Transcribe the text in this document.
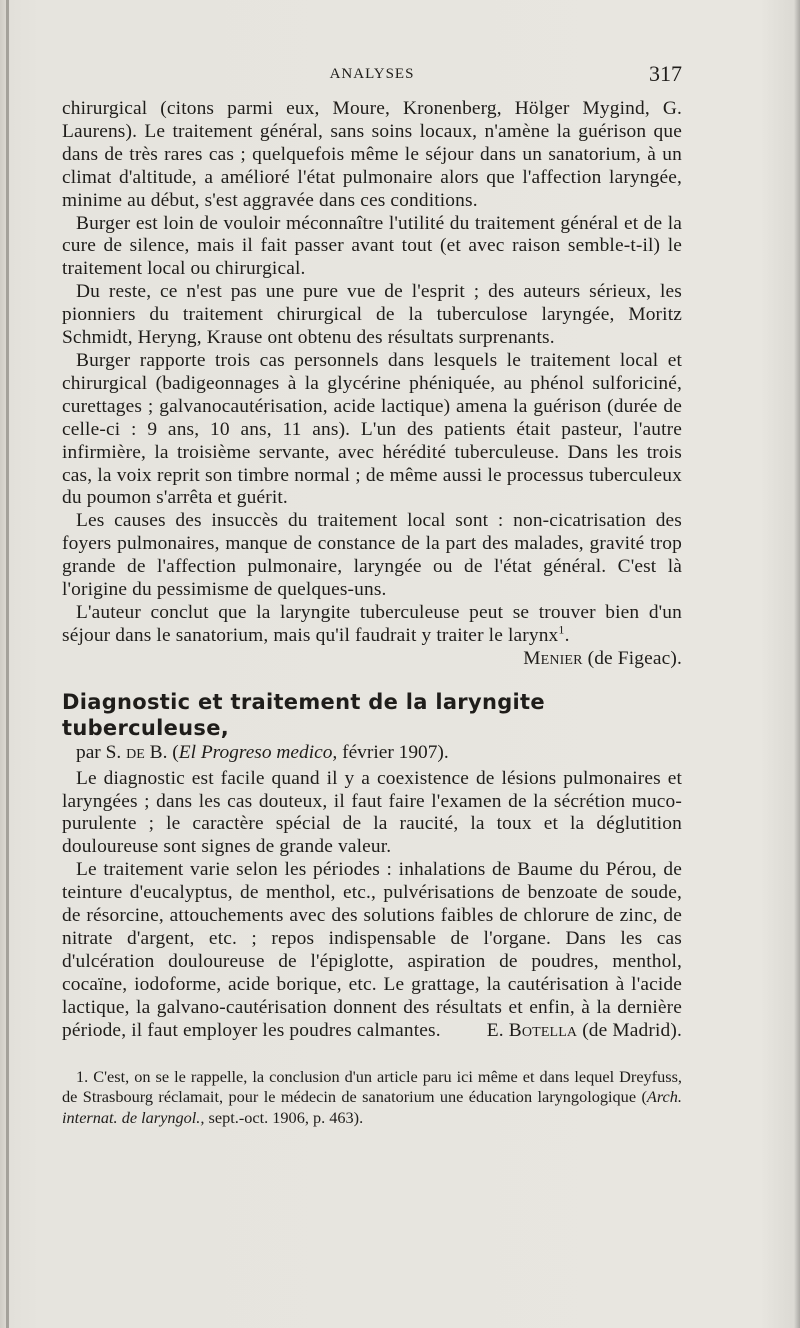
ANALYSES	317

chirurgical (citons parmi eux, Moure, Kronenberg, Hölger Mygind, G. Laurens). Le traitement général, sans soins locaux, n'amène la guérison que dans de très rares cas ; quelquefois même le séjour dans un sanatorium, à un climat d'altitude, a amélioré l'état pulmonaire alors que l'affection laryngée, minime au début, s'est aggravée dans ces conditions.

Burger est loin de vouloir méconnaître l'utilité du traitement général et de la cure de silence, mais il fait passer avant tout (et avec raison semble-t-il) le traitement local ou chirurgical.

Du reste, ce n'est pas une pure vue de l'esprit ; des auteurs sérieux, les pionniers du traitement chirurgical de la tuberculose laryngée, Moritz Schmidt, Heryng, Krause ont obtenu des résultats surprenants.

Burger rapporte trois cas personnels dans lesquels le traitement local et chirurgical (badigeonnages à la glycérine phéniquée, au phénol sulforiciné, curettages ; galvanocautérisation, acide lactique) amena la guérison (durée de celle-ci : 9 ans, 10 ans, 11 ans). L'un des patients était pasteur, l'autre infirmière, la troisième servante, avec hérédité tuberculeuse. Dans les trois cas, la voix reprit son timbre normal ; de même aussi le processus tuberculeux du poumon s'arrêta et guérit.

Les causes des insuccès du traitement local sont : non-cicatrisation des foyers pulmonaires, manque de constance de la part des malades, gravité trop grande de l'affection pulmonaire, laryngée ou de l'état général. C'est là l'origine du pessimisme de quelques-uns.

L'auteur conclut que la laryngite tuberculeuse peut se trouver bien d'un séjour dans le sanatorium, mais qu'il faudrait y traiter le larynx$^1$.
Menier (de Figeac).

Diagnostic et traitement de la laryngite tuberculeuse,

par S. de B. (El Progreso medico, février 1907).

Le diagnostic est facile quand il y a coexistence de lésions pulmonaires et laryngées ; dans les cas douteux, il faut faire l'examen de la sécrétion muco-purulente ; le caractère spécial de la raucité, la toux et la déglutition douloureuse sont signes de grande valeur.

Le traitement varie selon les périodes : inhalations de Baume du Pérou, de teinture d'eucalyptus, de menthol, etc., pulvérisations de benzoate de soude, de résorcine, attouchements avec des solutions faibles de chlorure de zinc, de nitrate d'argent, etc. ; repos indispensable de l'organe. Dans les cas d'ulcération douloureuse de l'épiglotte, aspiration de poudres, menthol, cocaïne, iodoforme, acide borique, etc. Le grattage, la cautérisation à l'acide lactique, la galvano-cautérisation donnent des résultats et enfin, à la dernière période, il faut employer les poudres calmantes.	E. Botella (de Madrid).

1. C'est, on se le rappelle, la conclusion d'un article paru ici même et dans lequel Dreyfuss, de Strasbourg réclamait, pour le médecin de sanatorium une éducation laryngologique (Arch. internat. de laryngol., sept.-oct. 1906, p. 463).
